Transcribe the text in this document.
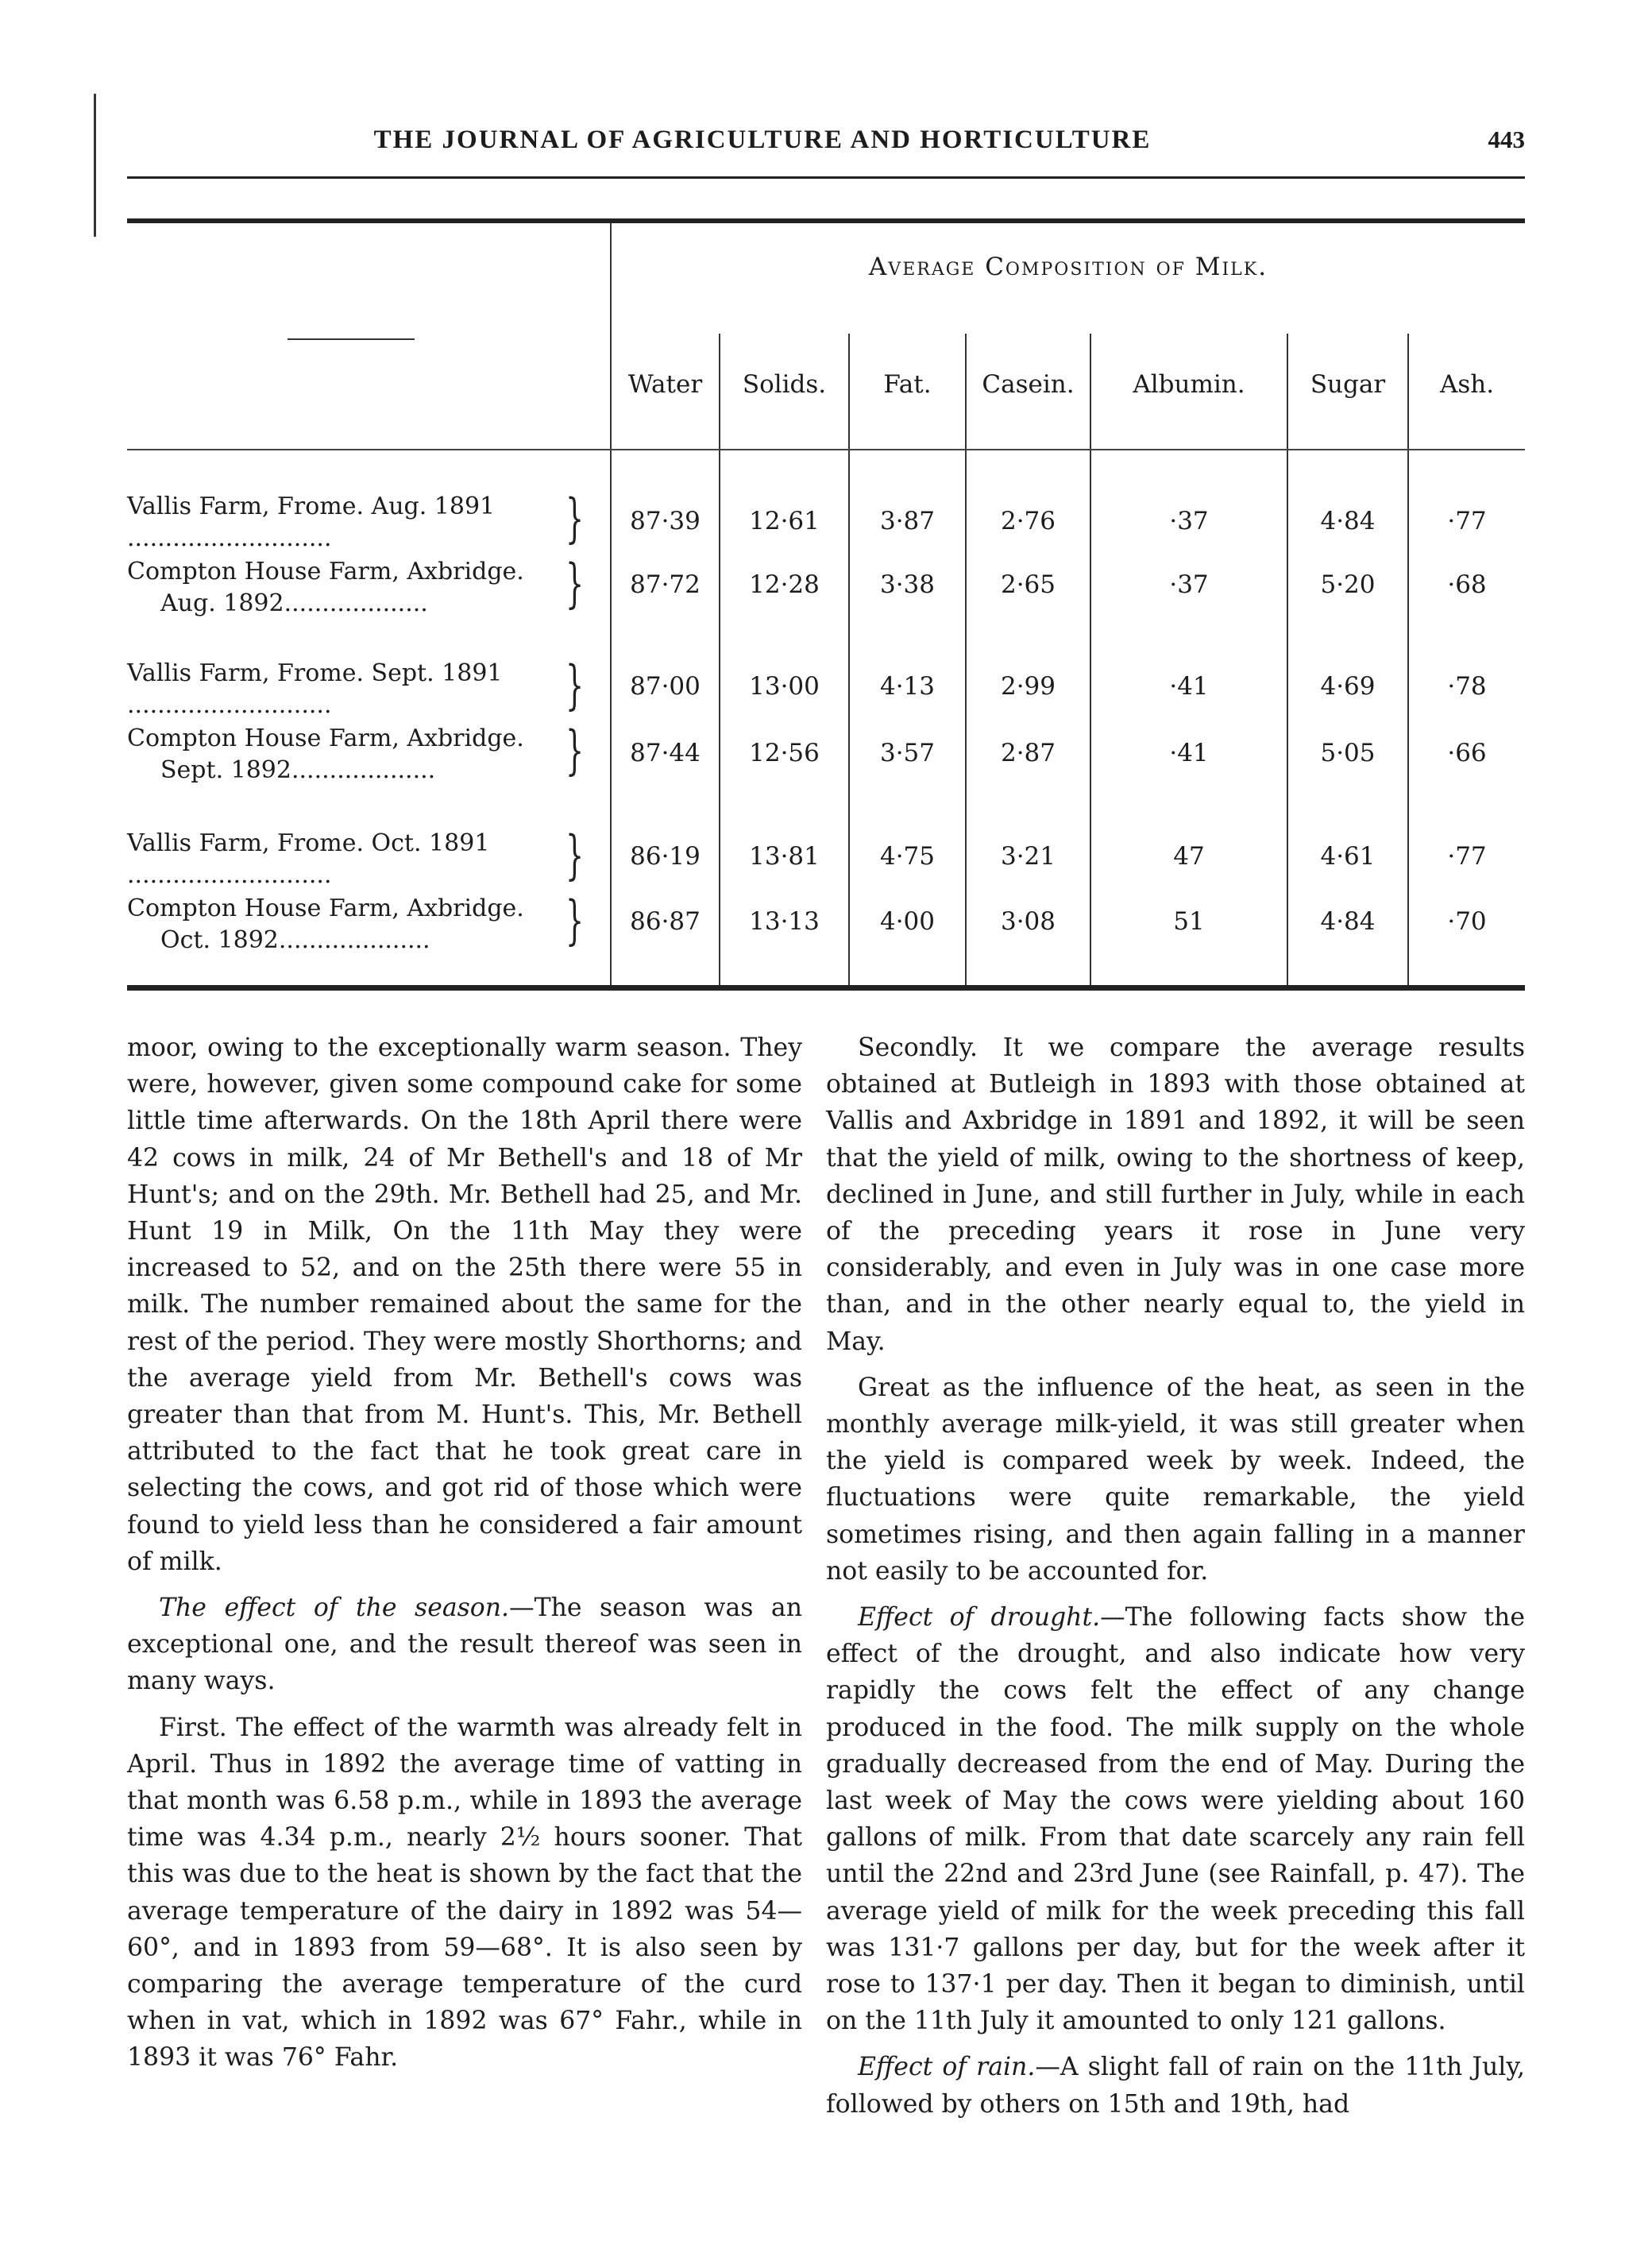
THE JOURNAL OF AGRICULTURE AND HORTICULTURE	443
Average Composition of Milk.
Water	Solids.	Fat.	Casein.	Albumin.	Sugar	Ash.
Vallis Farm, Frome. Aug. 1891
...........................	}	87·39	12·61	3·87	2·76	·37	4·84	·77
Compton House Farm, Axbridge.
Aug. 1892...................	}	87·72	12·28	3·38	2·65	·37	5·20	·68
Vallis Farm, Frome. Sept. 1891
...........................	}	87·00	13·00	4·13	2·99	·41	4·69	·78
Compton House Farm, Axbridge.
Sept. 1892...................	}	87·44	12·56	3·57	2·87	·41	5·05	·66
Vallis Farm, Frome. Oct. 1891
...........................	}	86·19	13·81	4·75	3·21	47	4·61	·77
Compton House Farm, Axbridge.
Oct. 1892....................	}	86·87	13·13	4·00	3·08	51	4·84	·70

moor, owing to the exceptionally warm season. They were, however, given some compound cake for some little time afterwards. On the 18th April there were 42 cows in milk, 24 of Mr Bethell's and 18 of Mr Hunt's; and on the 29th. Mr. Bethell had 25, and Mr. Hunt 19 in Milk, On the 11th May they were increased to 52, and on the 25th there were 55 in milk. The number remained about the same for the rest of the period. They were mostly Shorthorns; and the average yield from Mr. Bethell's cows was greater than that from M. Hunt's. This, Mr. Bethell attributed to the fact that he took great care in selecting the cows, and got rid of those which were found to yield less than he considered a fair amount of milk.

The effect of the season.—The season was an exceptional one, and the result thereof was seen in many ways.

First. The effect of the warmth was already felt in April. Thus in 1892 the average time of vatting in that month was 6.58 p.m., while in 1893 the average time was 4.34 p.m., nearly 2½ hours sooner. That this was due to the heat is shown by the fact that the average temperature of the dairy in 1892 was 54—60°, and in 1893 from 59—68°. It is also seen by comparing the average temperature of the curd when in vat, which in 1892 was 67° Fahr., while in 1893 it was 76° Fahr.

Secondly. It we compare the average results obtained at Butleigh in 1893 with those obtained at Vallis and Axbridge in 1891 and 1892, it will be seen that the yield of milk, owing to the shortness of keep, declined in June, and still further in July, while in each of the preceding years it rose in June very considerably, and even in July was in one case more than, and in the other nearly equal to, the yield in May.

Great as the influence of the heat, as seen in the monthly average milk-yield, it was still greater when the yield is compared week by week. Indeed, the fluctuations were quite remarkable, the yield sometimes rising, and then again falling in a manner not easily to be accounted for.

Effect of drought.—The following facts show the effect of the drought, and also indicate how very rapidly the cows felt the effect of any change produced in the food. The milk supply on the whole gradually decreased from the end of May. During the last week of May the cows were yielding about 160 gallons of milk. From that date scarcely any rain fell until the 22nd and 23rd June (see Rainfall, p. 47). The average yield of milk for the week preceding this fall was 131·7 gallons per day, but for the week after it rose to 137·1 per day. Then it began to diminish, until on the 11th July it amounted to only 121 gallons.

Effect of rain.—A slight fall of rain on the 11th July, followed by others on 15th and 19th, had
